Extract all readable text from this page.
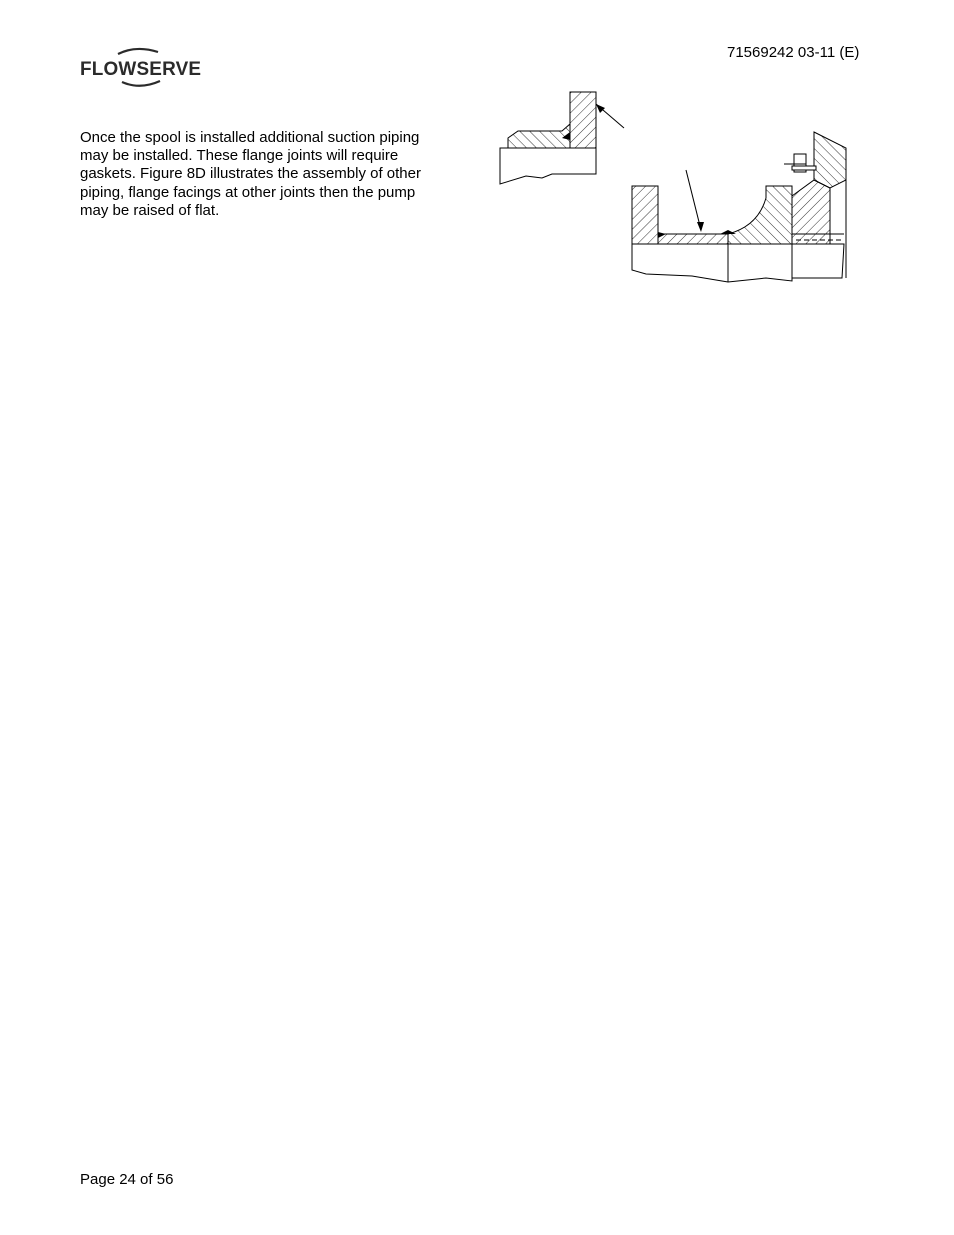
FLOWSERVE
71569242 03-11 (E)
Once the spool is installed additional suction piping
may be installed. These flange joints will require
gaskets. Figure 8D illustrates the assembly of other
piping, flange facings at other joints then the pump
may be raised of flat.
Page 24 of 56
